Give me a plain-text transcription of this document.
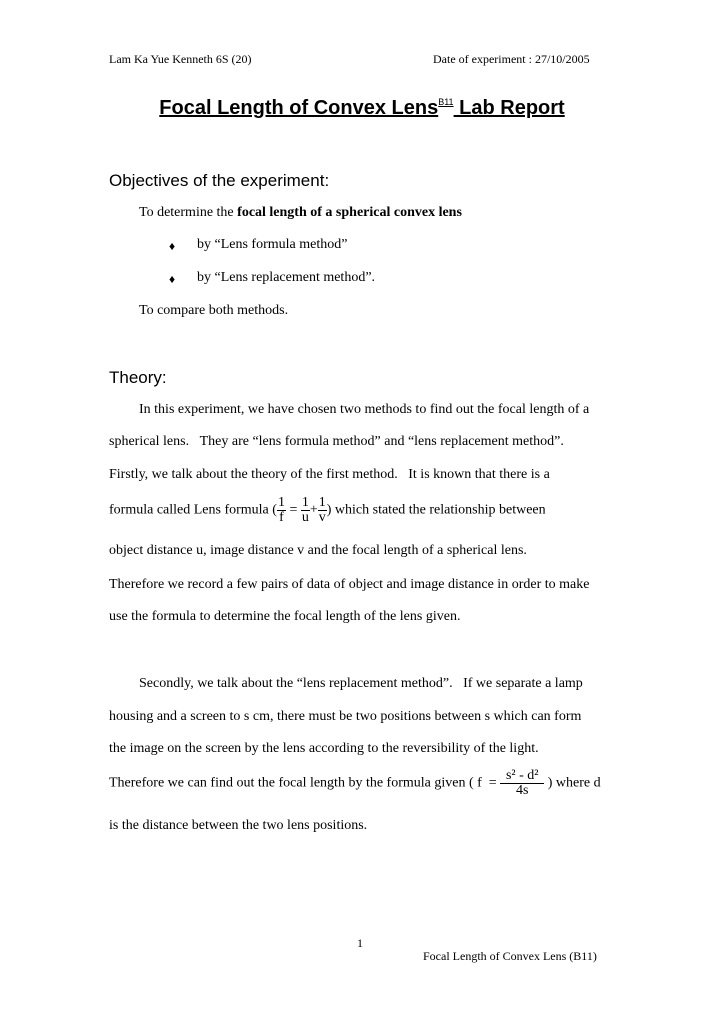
Lam Ka Yue Kenneth 6S (20)	Date of experiment : 27/10/2005
Focal Length of Convex Lens$^{B11}$ Lab Report
Objectives of the experiment:
To determine the focal length of a spherical convex lens
♦ by “Lens formula method”
♦ by “Lens replacement method”.
To compare both methods.
Theory:
In this experiment, we have chosen two methods to find out the focal length of a
spherical lens.   They are “lens formula method” and “lens replacement method”.
Firstly, we talk about the theory of the first method.   It is known that there is a
formula called Lens formula ( $\frac{1}{f} = \frac{1}{u} + \frac{1}{v}$ ) which stated the relationship between
object distance u, image distance v and the focal length of a spherical lens.
Therefore we record a few pairs of data of object and image distance in order to make
use the formula to determine the focal length of the lens given.
Secondly, we talk about the “lens replacement method”.   If we separate a lamp
housing and a screen to s cm, there must be two positions between s which can form
the image on the screen by the lens according to the reversibility of the light.
Therefore we can find out the focal length by the formula given ( $f = \frac{\text{s² - d²}}{4s}$ ) where d
is the distance between the two lens positions.
1
Focal Length of Convex Lens (B11)
